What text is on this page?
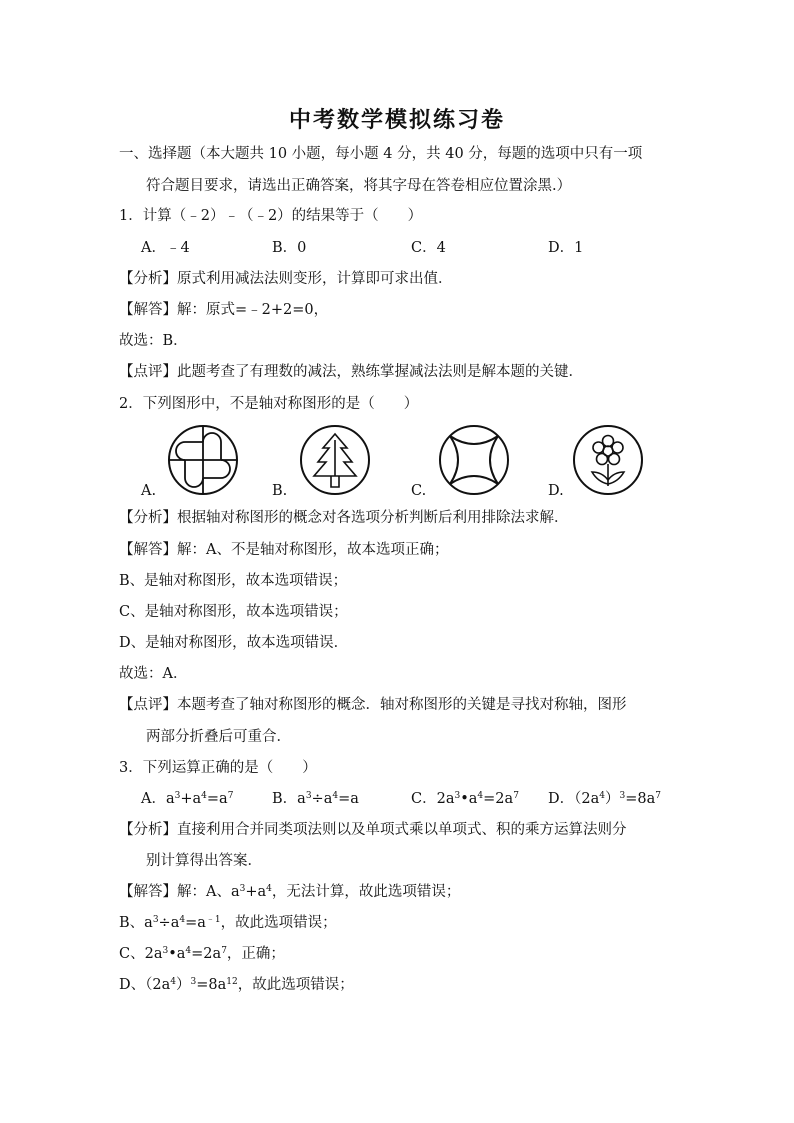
中考数学模拟练习卷
一、选择题（本大题共 10 小题，每小题 4 分，共 40 分，每题的选项中只有一项
符合题目要求，请选出正确答案，将其字母在答卷相应位置涂黑.）
1．计算（﹣2）﹣（﹣2）的结果等于（　　）
A．﹣4	B．0	C．4	D．1
【分析】原式利用减法法则变形，计算即可求出值．
【解答】解：原式=﹣2+2=0，
故选：B．
【点评】此题考查了有理数的减法，熟练掌握减法法则是解本题的关键．
2．下列图形中，不是轴对称图形的是（　　）
A.	B.	C.	D.
【分析】根据轴对称图形的概念对各选项分析判断后利用排除法求解．
【解答】解：A、不是轴对称图形，故本选项正确；
B、是轴对称图形，故本选项错误；
C、是轴对称图形，故本选项错误；
D、是轴对称图形，故本选项错误．
故选：A．
【点评】本题考查了轴对称图形的概念．轴对称图形的关键是寻找对称轴，图形
两部分折叠后可重合．
3．下列运算正确的是（　　）
A．$a^3+a^4=a^7$	B．$a^3\div a^4=a$	C．$2a^3•a^4=2a^7$ D．$(2a^4)^3=8a^7$
【分析】直接利用合并同类项法则以及单项式乘以单项式、积的乘方运算法则分
别计算得出答案．
【解答】解：A、$a^3+a^4$，无法计算，故此选项错误；
B、$a^3\div a^4=a^{﹣1}$，故此选项错误；
C、$2a^3•a^4=2a^7$，正确；
D、$(2a^4)^3=8a^{12}$，故此选项错误；
